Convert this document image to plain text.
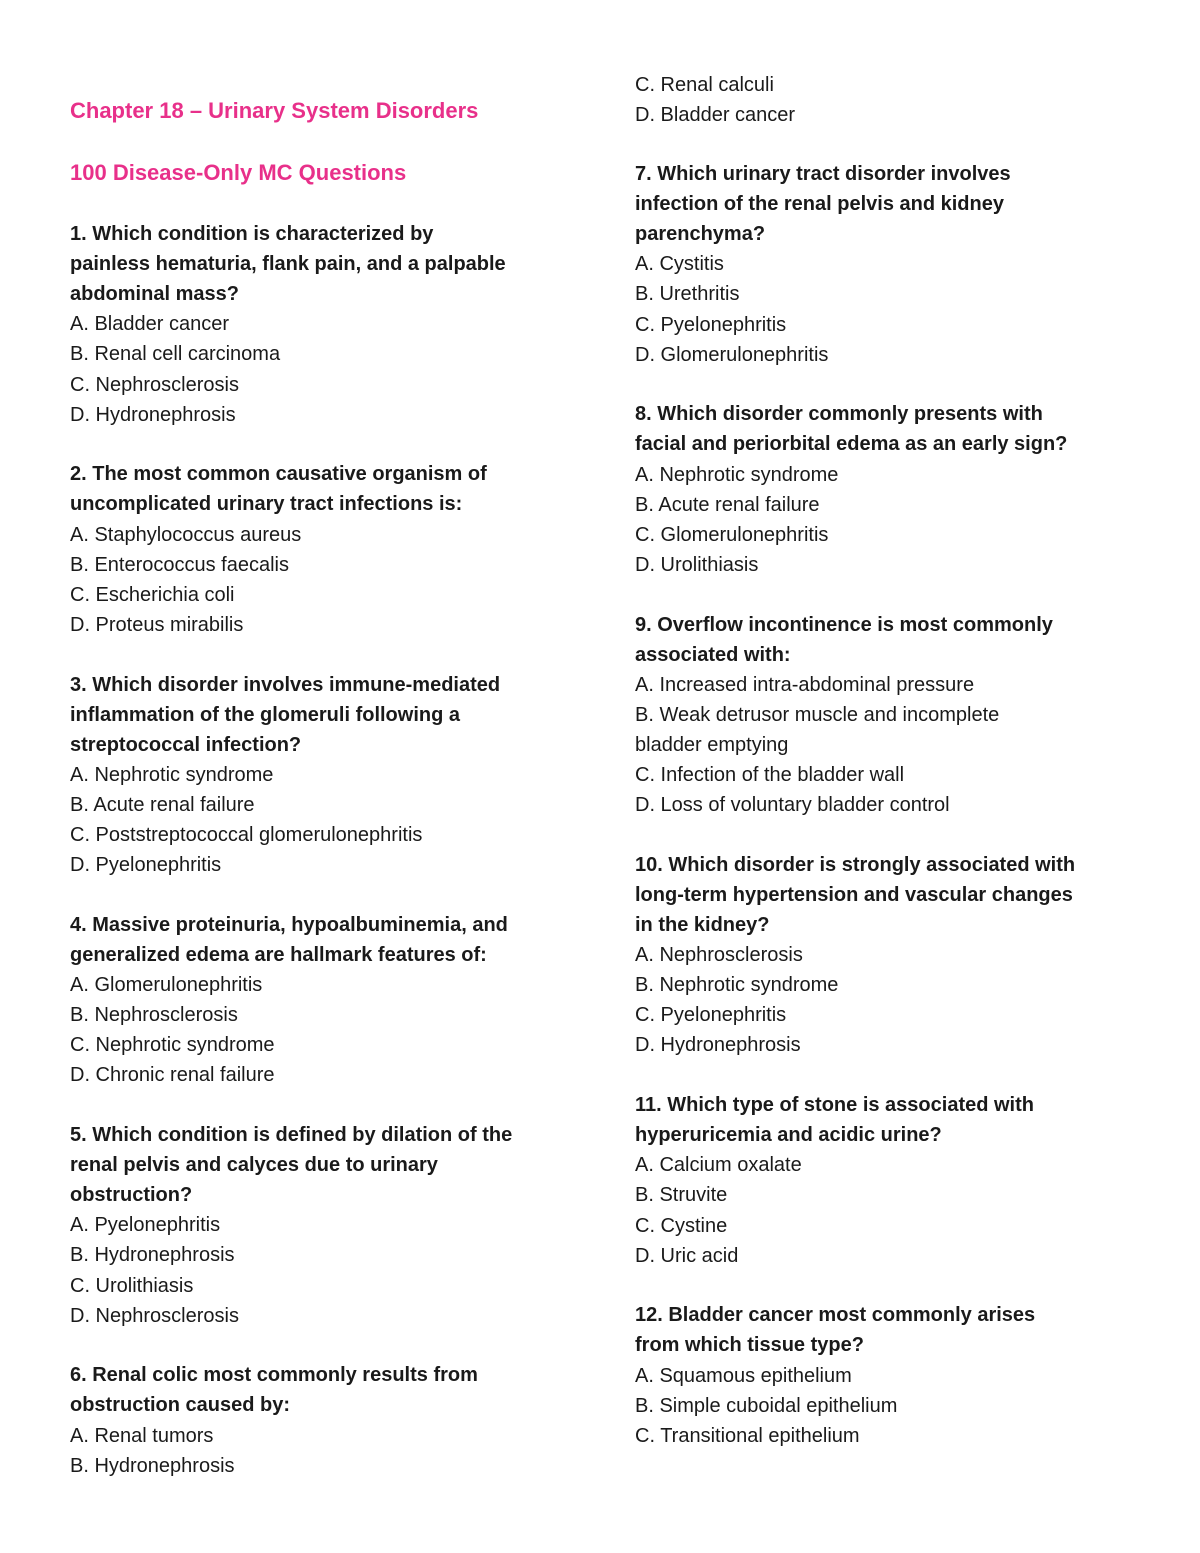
Chapter 18 – Urinary System Disorders
100 Disease-Only MC Questions
1. Which condition is characterized by
painless hematuria, flank pain, and a palpable
abdominal mass?
A. Bladder cancer
B. Renal cell carcinoma
C. Nephrosclerosis
D. Hydronephrosis
2. The most common causative organism of
uncomplicated urinary tract infections is:
A. Staphylococcus aureus
B. Enterococcus faecalis
C. Escherichia coli
D. Proteus mirabilis
3. Which disorder involves immune-mediated
inflammation of the glomeruli following a
streptococcal infection?
A. Nephrotic syndrome
B. Acute renal failure
C. Poststreptococcal glomerulonephritis
D. Pyelonephritis
4. Massive proteinuria, hypoalbuminemia, and
generalized edema are hallmark features of:
A. Glomerulonephritis
B. Nephrosclerosis
C. Nephrotic syndrome
D. Chronic renal failure
5. Which condition is defined by dilation of the
renal pelvis and calyces due to urinary
obstruction?
A. Pyelonephritis
B. Hydronephrosis
C. Urolithiasis
D. Nephrosclerosis
6. Renal colic most commonly results from
obstruction caused by:
A. Renal tumors
B. Hydronephrosis
C. Renal calculi
D. Bladder cancer
7. Which urinary tract disorder involves
infection of the renal pelvis and kidney
parenchyma?
A. Cystitis
B. Urethritis
C. Pyelonephritis
D. Glomerulonephritis
8. Which disorder commonly presents with
facial and periorbital edema as an early sign?
A. Nephrotic syndrome
B. Acute renal failure
C. Glomerulonephritis
D. Urolithiasis
9. Overflow incontinence is most commonly
associated with:
A. Increased intra-abdominal pressure
B. Weak detrusor muscle and incomplete
bladder emptying
C. Infection of the bladder wall
D. Loss of voluntary bladder control
10. Which disorder is strongly associated with
long-term hypertension and vascular changes
in the kidney?
A. Nephrosclerosis
B. Nephrotic syndrome
C. Pyelonephritis
D. Hydronephrosis
11. Which type of stone is associated with
hyperuricemia and acidic urine?
A. Calcium oxalate
B. Struvite
C. Cystine
D. Uric acid
12. Bladder cancer most commonly arises
from which tissue type?
A. Squamous epithelium
B. Simple cuboidal epithelium
C. Transitional epithelium
